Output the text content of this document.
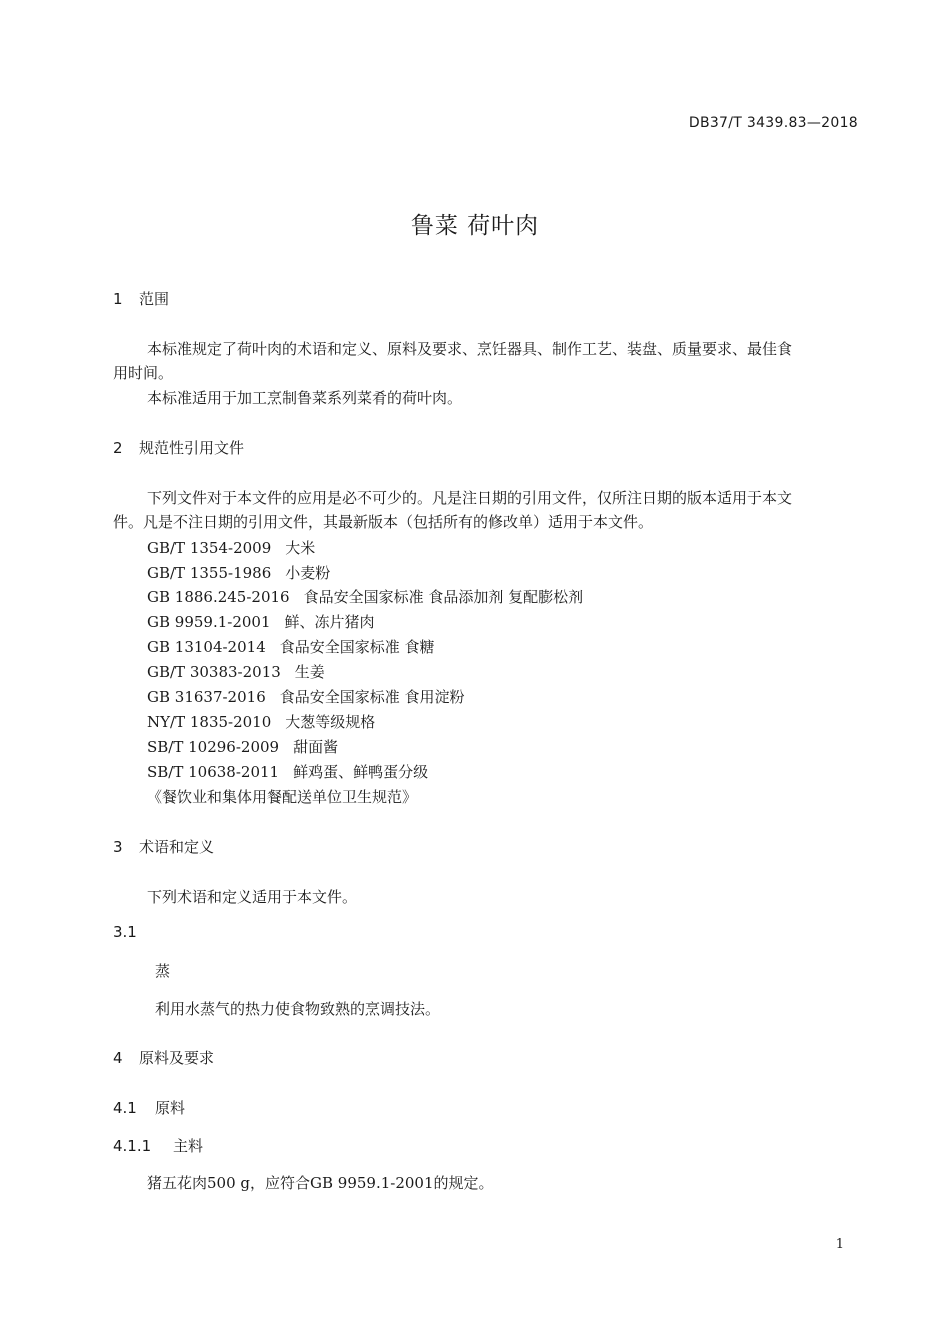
DB37/T 3439.83—2018
鲁菜 荷叶肉
1 范围
本标准规定了荷叶肉的术语和定义、原料及要求、烹饪器具、制作工艺、装盘、质量要求、最佳食
用时间。
本标准适用于加工烹制鲁菜系列菜肴的荷叶肉。
2 规范性引用文件
下列文件对于本文件的应用是必不可少的。凡是注日期的引用文件，仅所注日期的版本适用于本文
件。凡是不注日期的引用文件，其最新版本（包括所有的修改单）适用于本文件。
GB/T 1354-2009 大米
GB/T 1355-1986 小麦粉
GB 1886.245-2016 食品安全国家标准 食品添加剂 复配膨松剂
GB 9959.1-2001 鲜、冻片猪肉
GB 13104-2014 食品安全国家标准 食糖
GB/T 30383-2013 生姜
GB 31637-2016 食品安全国家标准 食用淀粉
NY/T 1835-2010 大葱等级规格
SB/T 10296-2009 甜面酱
SB/T 10638-2011 鲜鸡蛋、鲜鸭蛋分级
《餐饮业和集体用餐配送单位卫生规范》
3 术语和定义
下列术语和定义适用于本文件。
3.1
蒸
利用水蒸气的热力使食物致熟的烹调技法。
4 原料及要求
4.1 原料
4.1.1 主料
猪五花肉500 g，应符合GB 9959.1-2001的规定。
1
